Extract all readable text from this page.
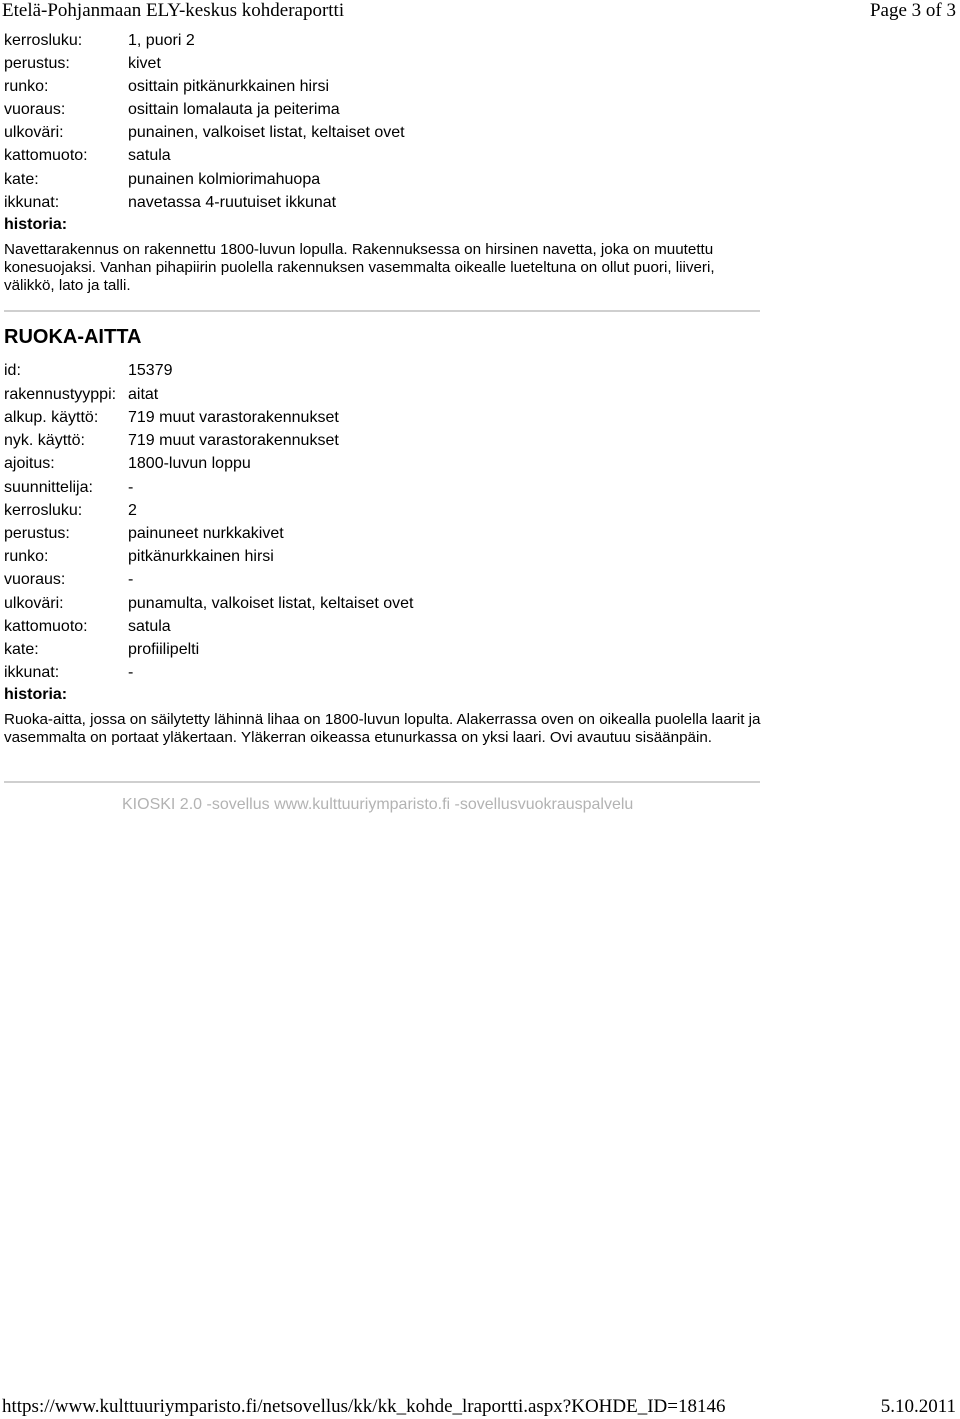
Etelä-Pohjanmaan ELY-keskus kohderaportti	Page 3 of 3
kerrosluku:	1, puori 2
perustus:	kivet
runko:	osittain pitkänurkkainen hirsi
vuoraus:	osittain lomalauta ja peiterima
ulkoväri:	punainen, valkoiset listat, keltaiset ovet
kattomuoto:	satula
kate:	punainen kolmiorimahuopa
ikkunat:	navetassa 4-ruutuiset ikkunat
historia:
Navettarakennus on rakennettu 1800-luvun lopulla. Rakennuksessa on hirsinen navetta, joka on muutettu konesuojaksi. Vanhan pihapiirin puolella rakennuksen vasemmalta oikealle lueteltuna on ollut puori, liiveri, välikkö, lato ja talli.
RUOKA-AITTA
id:	15379
rakennustyyppi: aitat
alkup. käyttö: 719 muut varastorakennukset
nyk. käyttö:	719 muut varastorakennukset
ajoitus:	1800-luvun loppu
suunnittelija: -
kerrosluku:	2
perustus:	painuneet nurkkakivet
runko:	pitkänurkkainen hirsi
vuoraus:	-
ulkoväri:	punamulta, valkoiset listat, keltaiset ovet
kattomuoto:	satula
kate:	profiilipelti
ikkunat:	-
historia:
Ruoka-aitta, jossa on säilytetty lähinnä lihaa on 1800-luvun lopulta. Alakerrassa oven on oikealla puolella laarit ja vasemmalta on portaat yläkertaan. Yläkerran oikeassa etunurkassa on yksi laari. Ovi avautuu sisäänpäin.
KIOSKI 2.0 -sovellus www.kulttuuriymparisto.fi -sovellusvuokrauspalvelu
https://www.kulttuuriymparisto.fi/netsovellus/kk/kk_kohde_lraportti.aspx?KOHDE_ID=18146	5.10.2011
